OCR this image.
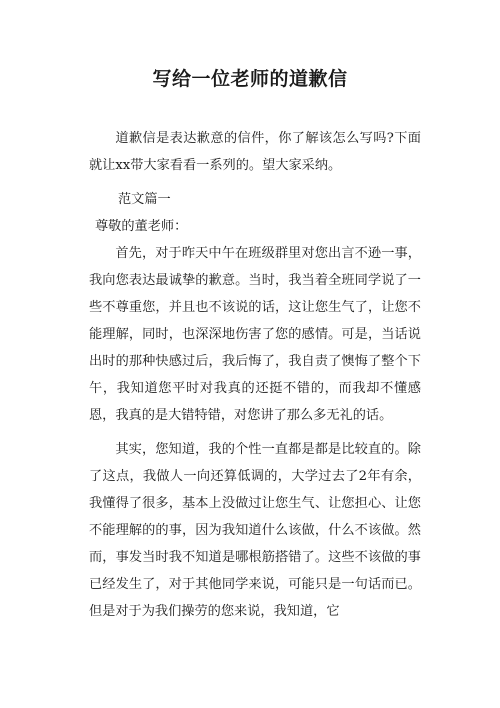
写给一位老师的道歉信

道歉信是表达歉意的信件，你了解该怎么写吗?下面就让xx带大家看看一系列的。望大家采纳。

范文篇一

尊敬的董老师：

首先，对于昨天中午在班级群里对您出言不逊一事，我向您表达最诚挚的歉意。当时，我当着全班同学说了一些不尊重您，并且也不该说的话，这让您生气了，让您不能理解，同时，也深深地伤害了您的感情。可是，当话说出时的那种快感过后，我后悔了，我自责了懊悔了整个下午，我知道您平时对我真的还挺不错的，而我却不懂感恩，我真的是大错特错，对您讲了那么多无礼的话。

其实，您知道，我的个性一直都是都是比较直的。除了这点，我做人一向还算低调的，大学过去了2年有余，我懂得了很多，基本上没做过让您生气、让您担心、让您不能理解的的事，因为我知道什么该做，什么不该做。然而，事发当时我不知道是哪根筋搭错了。这些不该做的事已经发生了，对于其他同学来说，可能只是一句话而已。但是对于为我们操劳的您来说，我知道，它
